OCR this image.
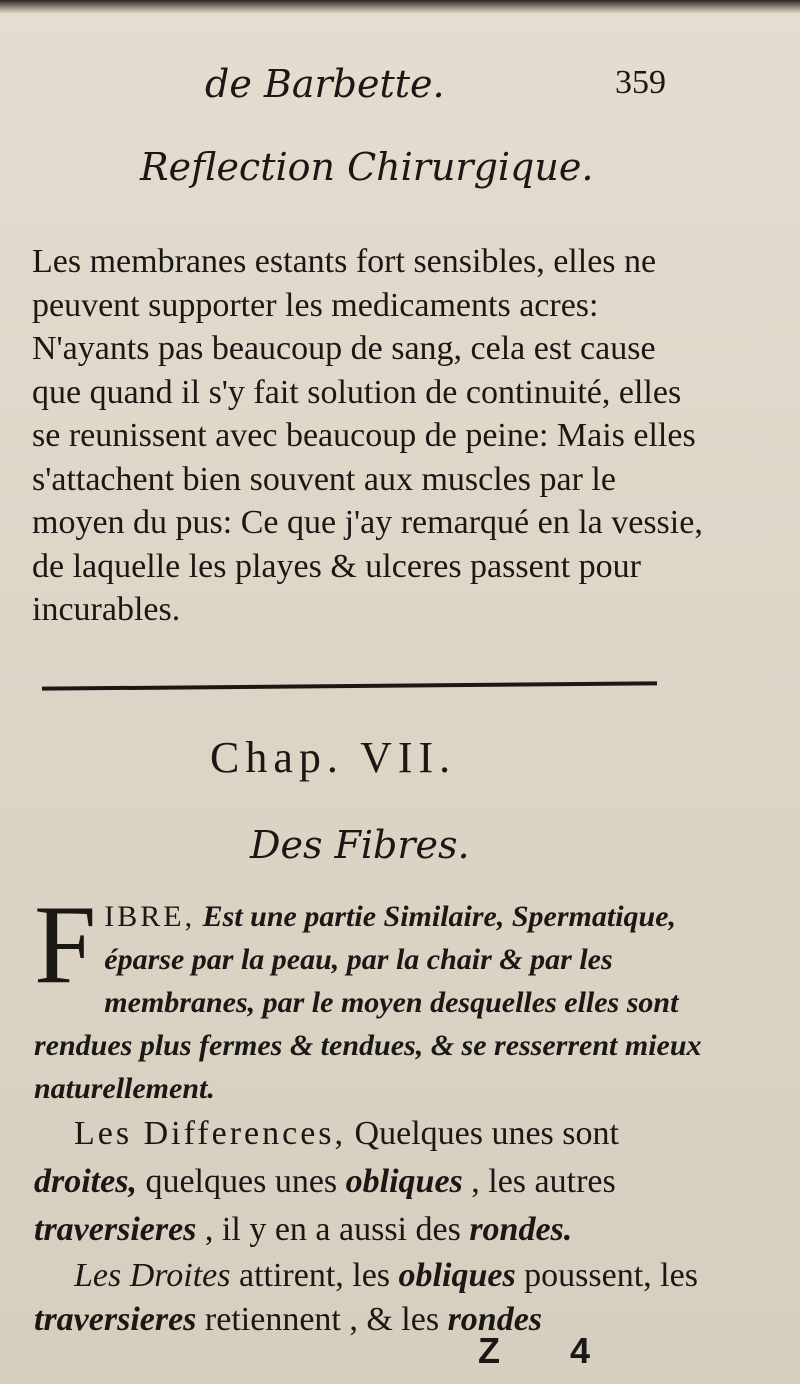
de Barbette.	359
Reflection Chirurgique.

Les membranes estants fort sensibles, elles ne peuvent supporter les medicaments acres: N'ayants pas beaucoup de sang, cela est cause que quand il s'y fait solution de continuité, elles se reunissent avec beaucoup de peine: Mais elles s'attachent bien souvent aux muscles par le moyen du pus: Ce que j'ay remarqué en la vessie, de laquelle les playes & ulceres passent pour incurables.

Chap. VII.
Des Fibres.

FIBRE, Est une partie Similaire, Spermatique, éparse par la peau, par la chair & par les membranes, par le moyen desquelles elles sont rendues plus fermes & tendues, & se resserrent mieux naturellement.

Les Differences, Quelques unes sont droites, quelques unes obliques , les autres traversieres , il y en a aussi des rondes.

Les Droites attirent, les obliques poussent, les traversieres retiennent , & les rondes

Z 4
